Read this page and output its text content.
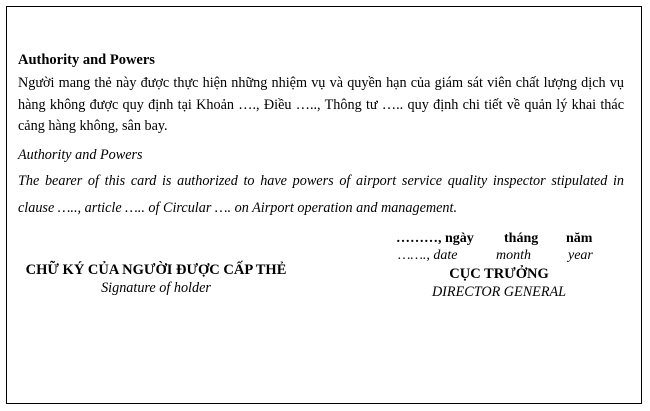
Authority and Powers

Người mang thẻ này được thực hiện những nhiệm vụ và quyền hạn của giám sát viên chất lượng dịch vụ hàng không được quy định tại Khoản …., Điều ….., Thông tư ….. quy định chi tiết về quản lý khai thác cảng hàng không, sân bay.

Authority and Powers

The bearer of this card is authorized to have powers of airport service quality inspector stipulated in clause ….., article ….. of Circular …. on Airport operation and management.

………, ngày tháng năm
……., date	month	year

CHỮ KÝ CỦA NGƯỜI ĐƯỢC CẤP THẺ

Signature of holder

CỤC TRƯỞNG

DIRECTOR GENERAL
